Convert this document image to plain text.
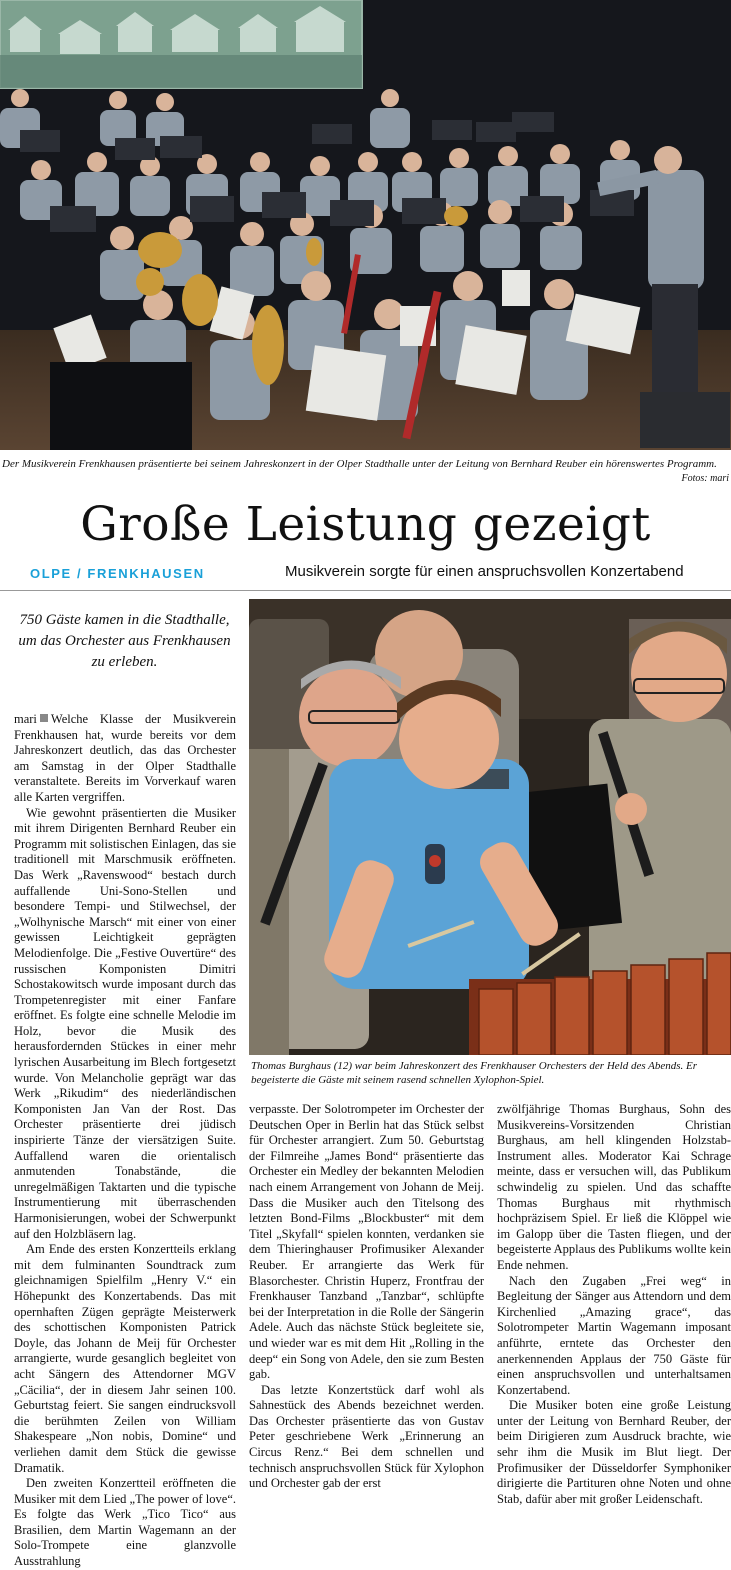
Der Musikverein Frenkhausen präsentierte bei seinem Jahreskonzert in der Olper Stadthalle unter der Leitung von Bernhard Reuber ein hörenswertes Programm.
Fotos: mari
Große Leistung gezeigt
OLPE / FRENKHAUSEN	Musikverein sorgte für einen anspruchsvollen Konzertabend
750 Gäste kamen in die Stadthalle, um das Orchester aus Frenkhausen zu erleben.

mari Welche Klasse der Musikverein Frenkhausen hat, wurde bereits vor dem Jahreskonzert deutlich, das das Orchester am Samstag in der Olper Stadthalle veranstaltete. Bereits im Vorverkauf waren alle Karten vergriffen.

Wie gewohnt präsentierten die Musiker mit ihrem Dirigenten Bernhard Reuber ein Programm mit solistischen Einlagen, das sie traditionell mit Marschmusik eröffneten. Das Werk „Ravenswood“ bestach durch auffallende Uni-Sono-Stellen und besondere Tempi- und Stilwechsel, der „Wolhynische Marsch“ mit einer von einer gewissen Leichtigkeit geprägten Melodienfolge. Die „Festive Ouvertüre“ des russischen Komponisten Dimitri Schostakowitsch wurde imposant durch das Trompetenregister mit einer Fanfare eröffnet. Es folgte eine schnelle Melodie im Holz, bevor die Musik des herausfordernden Stückes in einer mehr lyrischen Ausarbeitung im Blech fortgesetzt wurde. Von Melancholie geprägt war das Werk „Rikudim“ des niederländischen Komponisten Jan Van der Rost. Das Orchester präsentierte drei jüdisch inspirierte Tänze der viersätzigen Suite. Auffallend waren die orientalisch anmutenden Tonabstände, die unregelmäßigen Taktarten und die typische Instrumentierung mit überraschenden Harmonisierungen, wobei der Schwerpunkt auf den Holzbläsern lag.

Am Ende des ersten Konzertteils erklang mit dem fulminanten Soundtrack zum gleichnamigen Spielfilm „Henry V.“ ein Höhepunkt des Konzertabends. Das mit opernhaften Zügen geprägte Meisterwerk des schottischen Komponisten Patrick Doyle, das Johann de Meij für Orchester arrangierte, wurde gesanglich begleitet von acht Sängern des Attendorner MGV „Cäcilia“, der in diesem Jahr seinen 100. Geburtstag feiert. Sie sangen eindrucksvoll die berühmten Zeilen von William Shakespeare „Non nobis, Domine“ und verliehen damit dem Stück die gewisse Dramatik.

Den zweiten Konzertteil eröffneten die Musiker mit dem Lied „The power of love“. Es folgte das Werk „Tico Tico“ aus Brasilien, dem Martin Wagemann an der Solo-Trompete eine glanzvolle Ausstrahlung

Thomas Burghaus (12) war beim Jahreskonzert des Frenkhauser Orchesters der Held des Abends. Er begeisterte die Gäste mit seinem rasend schnellen Xylophon-Spiel.

verpasste. Der Solotrompeter im Orchester der Deutschen Oper in Berlin hat das Stück selbst für Orchester arrangiert. Zum 50. Geburtstag der Filmreihe „James Bond“ präsentierte das Orchester ein Medley der bekannten Melodien nach einem Arrangement von Johann de Meij. Dass die Musiker auch den Titelsong des letzten Bond-Films „Blockbuster“ mit dem Titel „Skyfall“ spielen konnten, verdanken sie dem Thieringhauser Profimusiker Alexander Reuber. Er arrangierte das Werk für Blasorchester. Christin Huperz, Frontfrau der Frenkhauser Tanzband „Tanzbar“, schlüpfte bei der Interpretation in die Rolle der Sängerin Adele. Auch das nächste Stück begleitete sie, und wieder war es mit dem Hit „Rolling in the deep“ ein Song von Adele, den sie zum Besten gab.

Das letzte Konzertstück darf wohl als Sahnestück des Abends bezeichnet werden. Das Orchester präsentierte das von Gustav Peter geschriebene Werk „Erinnerung an Circus Renz.“ Bei dem schnellen und technisch anspruchsvollen Stück für Xylophon und Orchester gab der erst

zwölfjährige Thomas Burghaus, Sohn des Musikvereins-Vorsitzenden Christian Burghaus, am hell klingenden Holzstab-Instrument alles. Moderator Kai Schrage meinte, dass er versuchen will, das Publikum schwindelig zu spielen. Und das schaffte Thomas Burghaus mit rhythmisch hochpräzisem Spiel. Er ließ die Klöppel wie im Galopp über die Tasten fliegen, und der begeisterte Applaus des Publikums wollte kein Ende nehmen.

Nach den Zugaben „Frei weg“ in Begleitung der Sänger aus Attendorn und dem Kirchenlied „Amazing grace“, das Solotrompeter Martin Wagemann imposant anführte, erntete das Orchester den anerkennenden Applaus der 750 Gäste für einen anspruchsvollen und unterhaltsamen Konzertabend.

Die Musiker boten eine große Leistung unter der Leitung von Bernhard Reuber, der beim Dirigieren zum Ausdruck brachte, wie sehr ihm die Musik im Blut liegt. Der Profimusiker der Düsseldorfer Symphoniker dirigierte die Partituren ohne Noten und ohne Stab, dafür aber mit großer Leidenschaft.
